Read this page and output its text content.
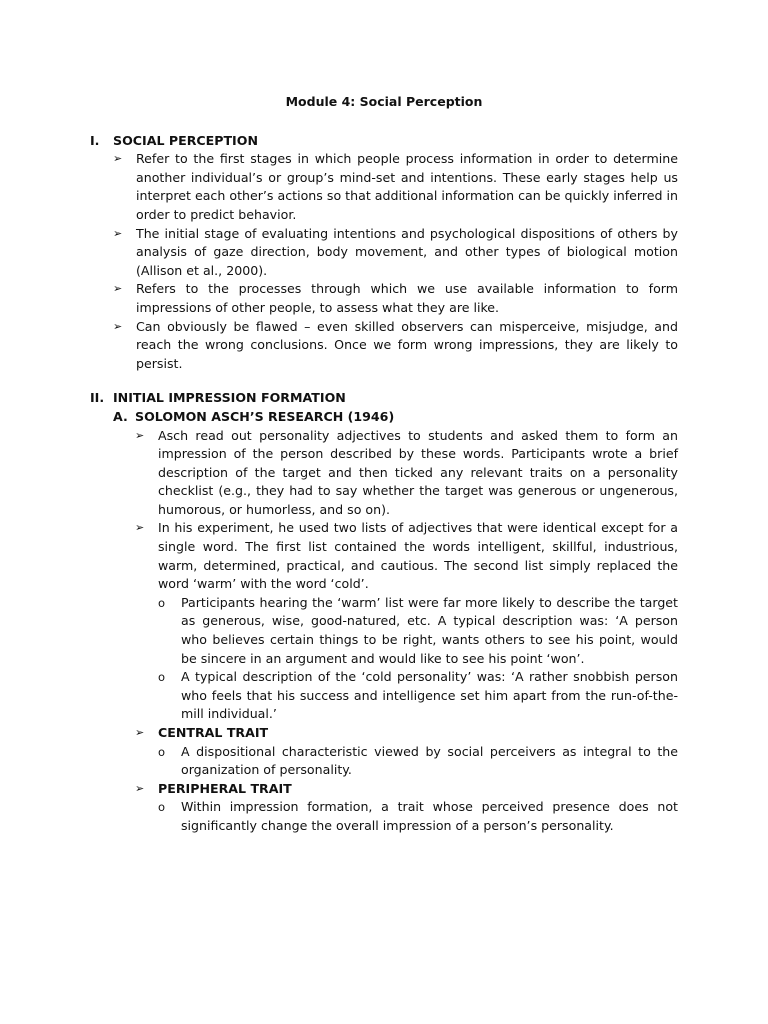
Module 4: Social Perception
I.	SOCIAL PERCEPTION
➢	Refer to the first stages in which people process information in order to determine another individual’s or group’s mind-set and intentions. These early stages help us interpret each other’s actions so that additional information can be quickly inferred in order to predict behavior.
➢	The initial stage of evaluating intentions and psychological dispositions of others by analysis of gaze direction, body movement, and other types of biological motion (Allison et al., 2000).
➢	Refers to the processes through which we use available information to form impressions of other people, to assess what they are like.
➢	Can obviously be flawed – even skilled observers can misperceive, misjudge, and reach the wrong conclusions. Once we form wrong impressions, they are likely to persist.
II. INITIAL IMPRESSION FORMATION
A. SOLOMON ASCH’S RESEARCH (1946)
➢	Asch read out personality adjectives to students and asked them to form an impression of the person described by these words. Participants wrote a brief description of the target and then ticked any relevant traits on a personality checklist (e.g., they had to say whether the target was generous or ungenerous, humorous, or humorless, and so on).
➢	In his experiment, he used two lists of adjectives that were identical except for a single word. The first list contained the words intelligent, skillful, industrious, warm, determined, practical, and cautious. The second list simply replaced the word ‘warm’ with the word ‘cold’.
o	Participants hearing the ‘warm’ list were far more likely to describe the target as generous, wise, good-natured, etc. A typical description was: ‘A person who believes certain things to be right, wants others to see his point, would be sincere in an argument and would like to see his point ‘won’.
o	A typical description of the ‘cold personality’ was: ‘A rather snobbish person who feels that his success and intelligence set him apart from the run-of-the-mill individual.’
➢	CENTRAL TRAIT
o	A dispositional characteristic viewed by social perceivers as integral to the organization of personality.
➢	PERIPHERAL TRAIT
o	Within impression formation, a trait whose perceived presence does not significantly change the overall impression of a person’s personality.
